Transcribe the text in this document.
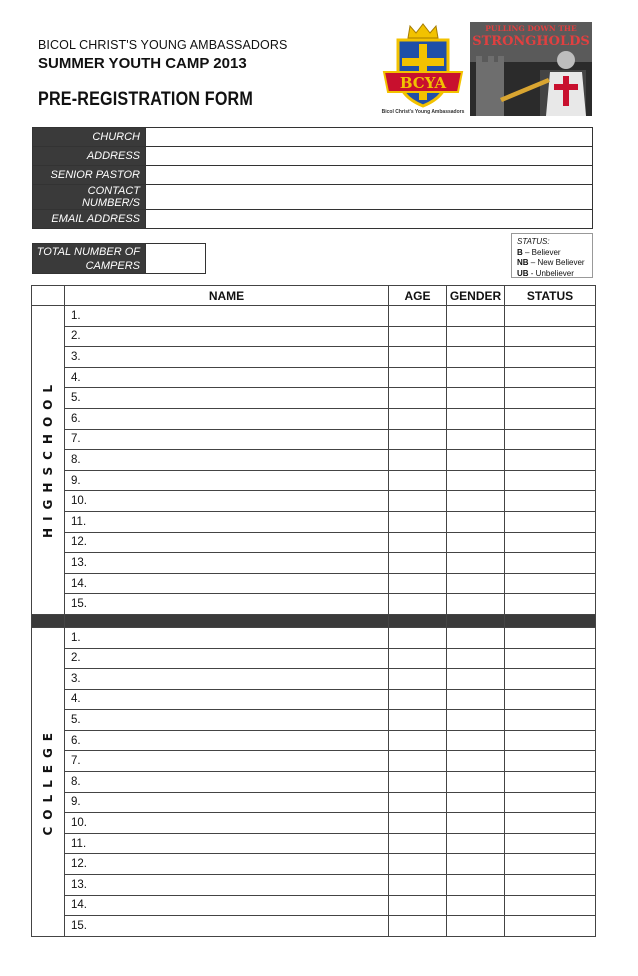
BICOL CHRIST'S YOUNG AMBASSADORS
SUMMER YOUTH CAMP 2013
PRE-REGISTRATION FORM
BCYA
Bicol Christ's Young Ambassadors
PULLING DOWN THE
STRONGHOLDS
CHURCH	
ADDRESS	
SENIOR PASTOR	
CONTACT NUMBER/S	
EMAIL ADDRESS	
TOTAL NUMBER OF
CAMPERS

STATUS:
B – Believer
NB – New Believer
UB - Unbeliever
	NAME	AGE	GENDER	STATUS
HIGHSCHOOL	1.			
	2.			
	3.			
	4.			
	5.			
	6.			
	7.			
	8.			
	9.			
	10.			
	11.			
	12.			
	13.			
	14.			
	15.			

COLLEGE	1.			
	2.			
	3.			
	4.			
	5.			
	6.			
	7.			
	8.			
	9.			
	10.			
	11.			
	12.			
	13.			
	14.			
	15.			
